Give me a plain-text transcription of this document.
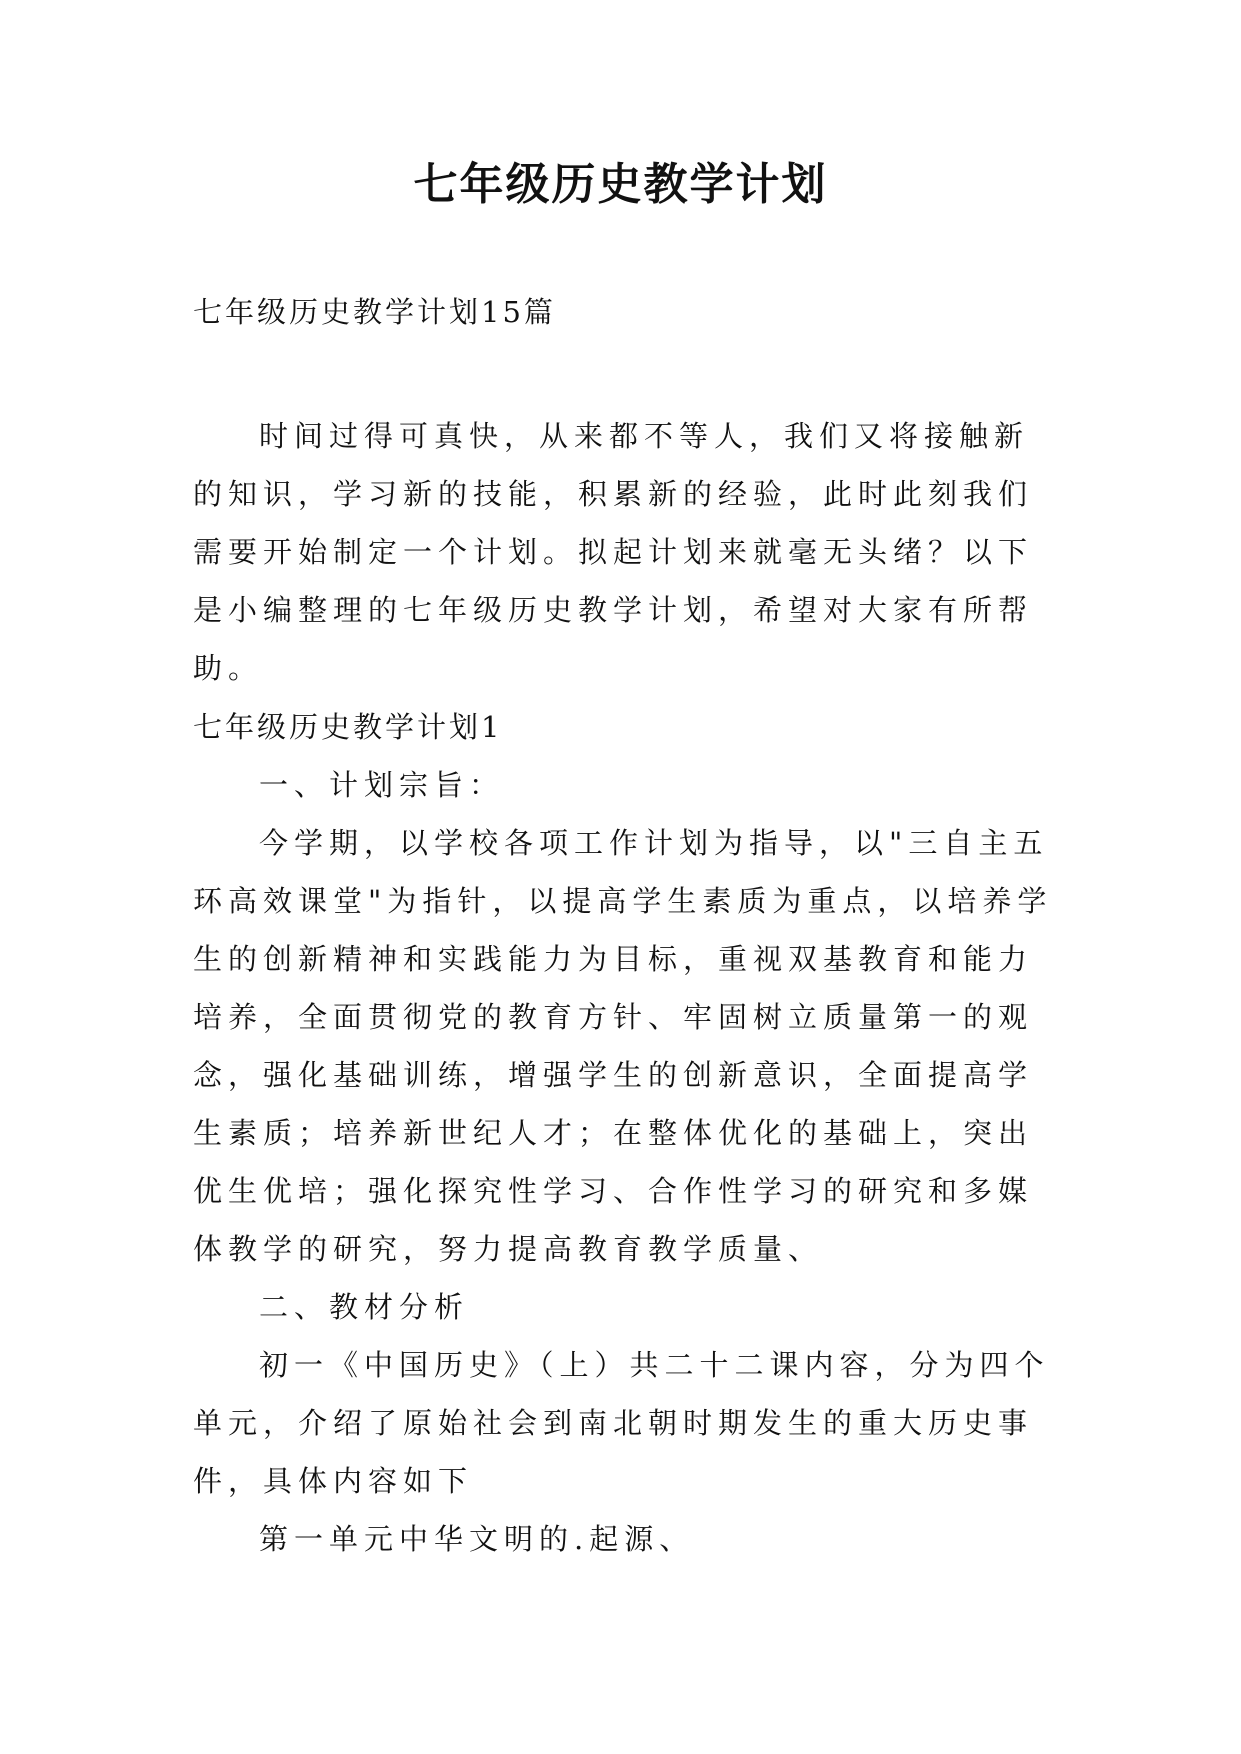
七年级历史教学计划

七年级历史教学计划15篇

时间过得可真快，从来都不等人，我们又将接触新的知识，学习新的技能，积累新的经验，此时此刻我们需要开始制定一个计划。拟起计划来就毫无头绪？以下是小编整理的七年级历史教学计划，希望对大家有所帮助。

七年级历史教学计划1

一、计划宗旨：

今学期，以学校各项工作计划为指导，以"三自主五环高效课堂"为指针，以提高学生素质为重点，以培养学生的创新精神和实践能力为目标，重视双基教育和能力培养，全面贯彻党的教育方针、牢固树立质量第一的观念，强化基础训练，增强学生的创新意识，全面提高学生素质；培养新世纪人才；在整体优化的基础上，突出优生优培；强化探究性学习、合作性学习的研究和多媒体教学的研究，努力提高教育教学质量、

二、教材分析

初一《中国历史》（上）共二十二课内容，分为四个单元，介绍了原始社会到南北朝时期发生的重大历史事件，具体内容如下

第一单元中华文明的.起源、
